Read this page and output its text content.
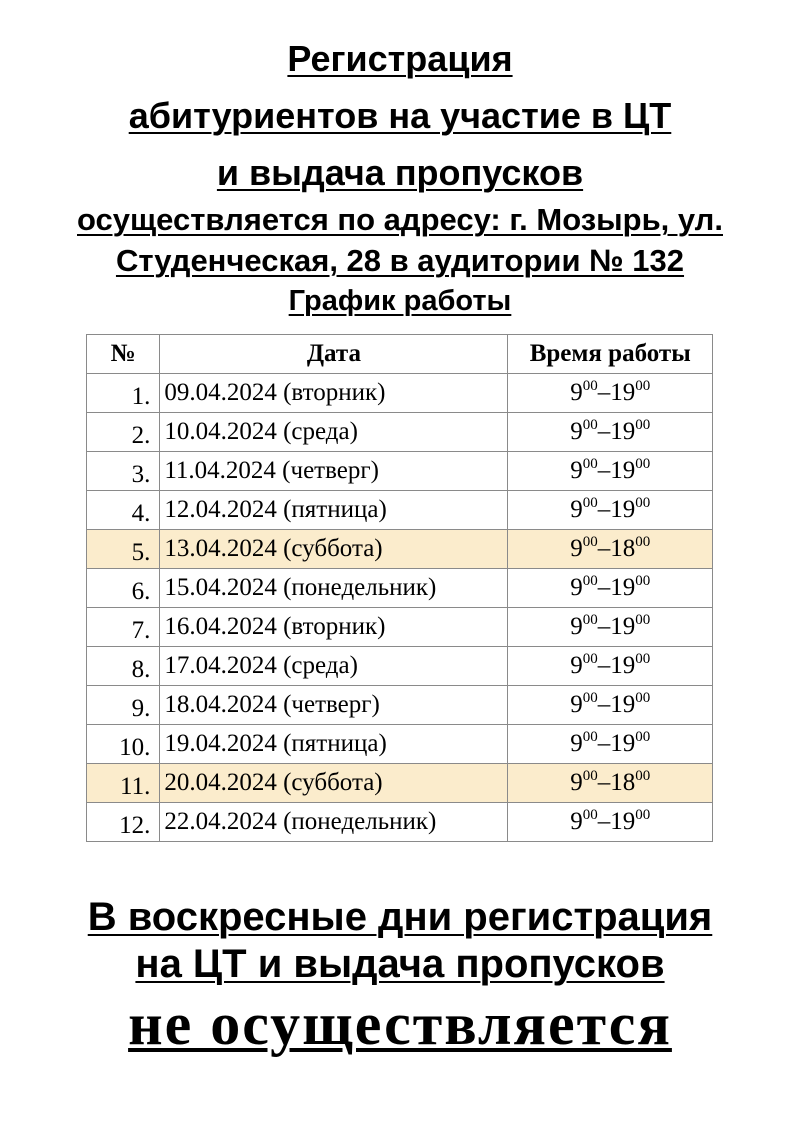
Регистрация
абитуриентов на участие в ЦТ
и выдача пропусков
осуществляется по адресу: г. Мозырь, ул.
Студенческая, 28 в аудитории № 132
График работы
№	Дата	Время работы
1.	09.04.2024 (вторник)	$9^{00}-19^{00}$
2.	10.04.2024 (среда)	$9^{00}-19^{00}$
3.	11.04.2024 (четверг)	$9^{00}-19^{00}$
4.	12.04.2024 (пятница)	$9^{00}-19^{00}$
5.	13.04.2024 (суббота)	$9^{00}-18^{00}$
6.	15.04.2024 (понедельник)	$9^{00}-19^{00}$
7.	16.04.2024 (вторник)	$9^{00}-19^{00}$
8.	17.04.2024 (среда)	$9^{00}-19^{00}$
9.	18.04.2024 (четверг)	$9^{00}-19^{00}$
10.	19.04.2024 (пятница)	$9^{00}-19^{00}$
11.	20.04.2024 (суббота)	$9^{00}-18^{00}$
12.	22.04.2024 (понедельник)	$9^{00}-19^{00}$
В воскресные дни регистрация
на ЦТ и выдача пропусков
не осуществляется
